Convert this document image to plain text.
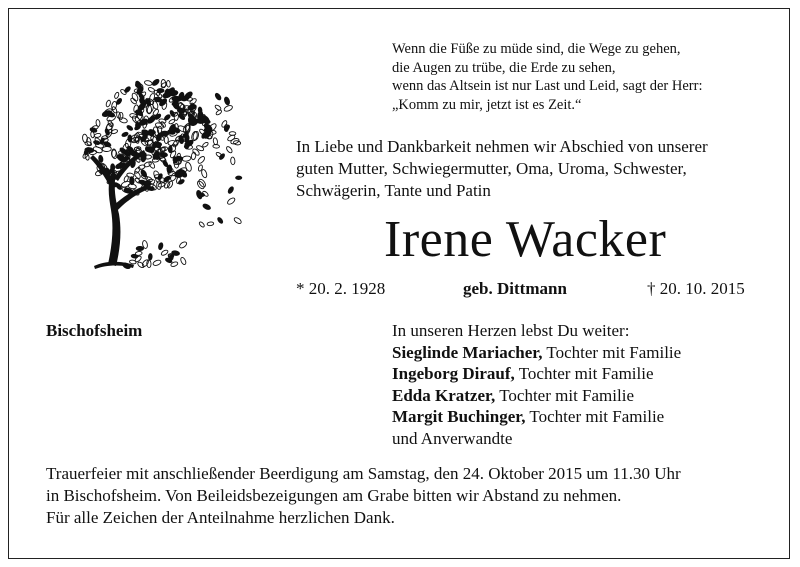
Wenn die Füße zu müde sind, die Wege zu gehen,
die Augen zu trübe, die Erde zu sehen,
wenn das Altsein ist nur Last und Leid, sagt der Herr:
„Komm zu mir, jetzt ist es Zeit.“
In Liebe und Dankbarkeit nehmen wir Abschied von unserer
guten Mutter, Schwiegermutter, Oma, Uroma, Schwester,
Schwägerin, Tante und Patin
Irene Wacker
* 20. 2. 1928	geb. Dittmann	† 20. 10. 2015
Bischofsheim	In unseren Herzen lebst Du weiter:
Sieglinde Mariacher, Tochter mit Familie
Ingeborg Dirauf, Tochter mit Familie
Edda Kratzer, Tochter mit Familie
Margit Buchinger, Tochter mit Familie
und Anverwandte
Trauerfeier mit anschließender Beerdigung am Samstag, den 24. Oktober 2015 um 11.30 Uhr
in Bischofsheim. Von Beileidsbezeigungen am Grabe bitten wir Abstand zu nehmen.
Für alle Zeichen der Anteilnahme herzlichen Dank.
